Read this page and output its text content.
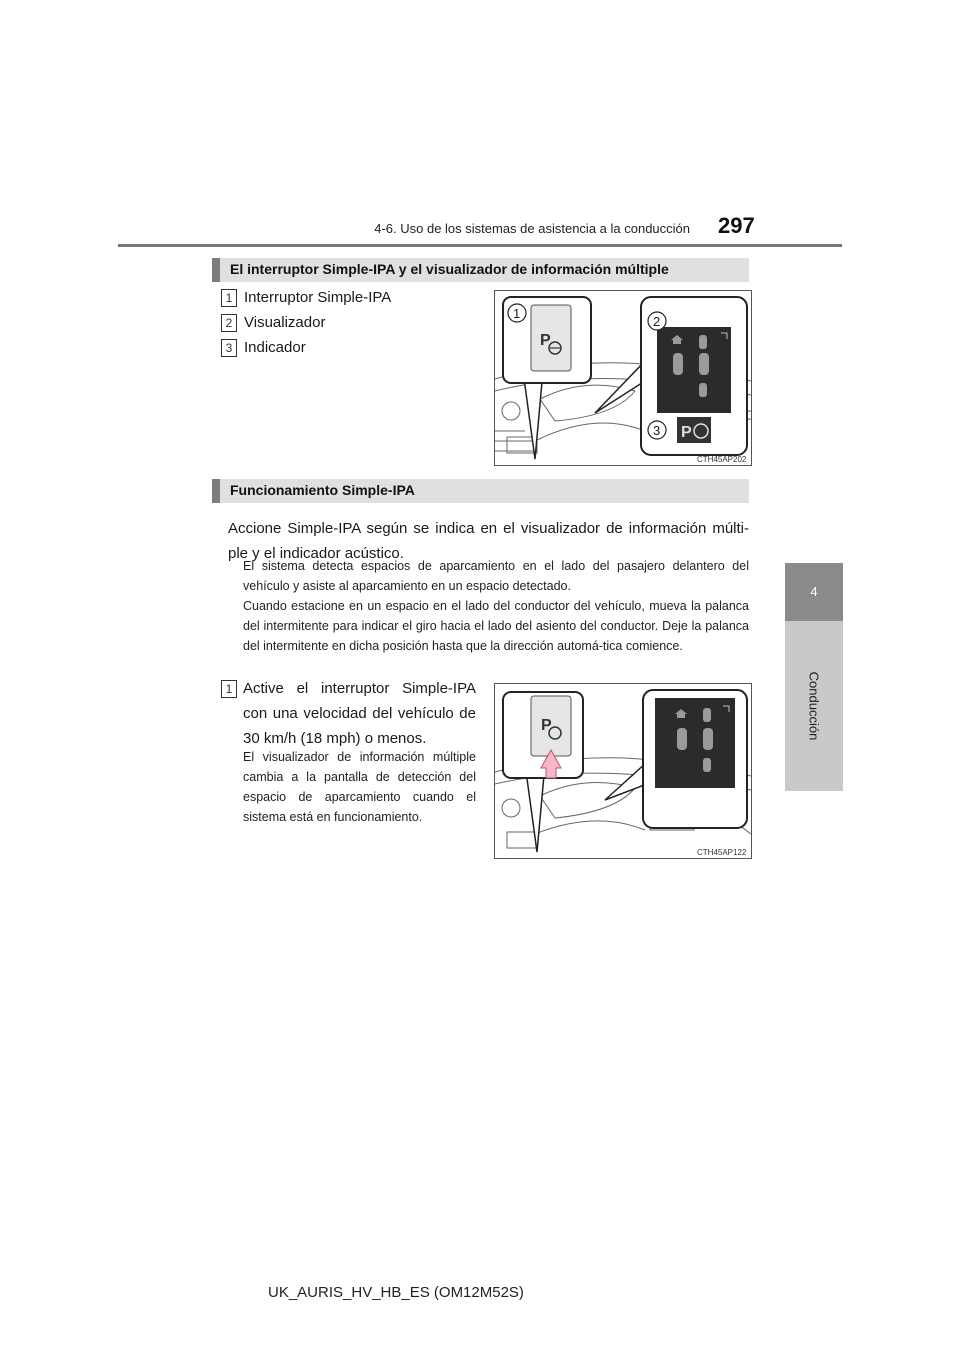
4-6. Uso de los sistemas de asistencia a la conducción 297
4
Conducción
El interruptor Simple-IPA y el visualizador de información múltiple
1 Interruptor Simple-IPA
2 Visualizador
3 Indicador	P
1
2
3 P
CTH45AP202
Funcionamiento Simple-IPA
Accione Simple-IPA según se indica en el visualizador de información múlti-ple y el indicador acústico.
El sistema detecta espacios de aparcamiento en el lado del pasajero delantero del vehículo y asiste al aparcamiento en un espacio detectado.
Cuando estacione en un espacio en el lado del conductor del vehículo, mueva la palanca del intermitente para indicar el giro hacia el lado del asiento del conductor. Deje la palanca del intermitente en dicha posición hasta que la dirección automá-tica comience.
1 Active el interruptor Simple-IPA con una velocidad del vehículo de 30 km/h (18 mph) o menos.
El visualizador de información múltiple cambia a la pantalla de detección del espacio de aparcamiento cuando el sistema está en funcionamiento.
P
CTH45AP122
UK_AURIS_HV_HB_ES (OM12M52S)
